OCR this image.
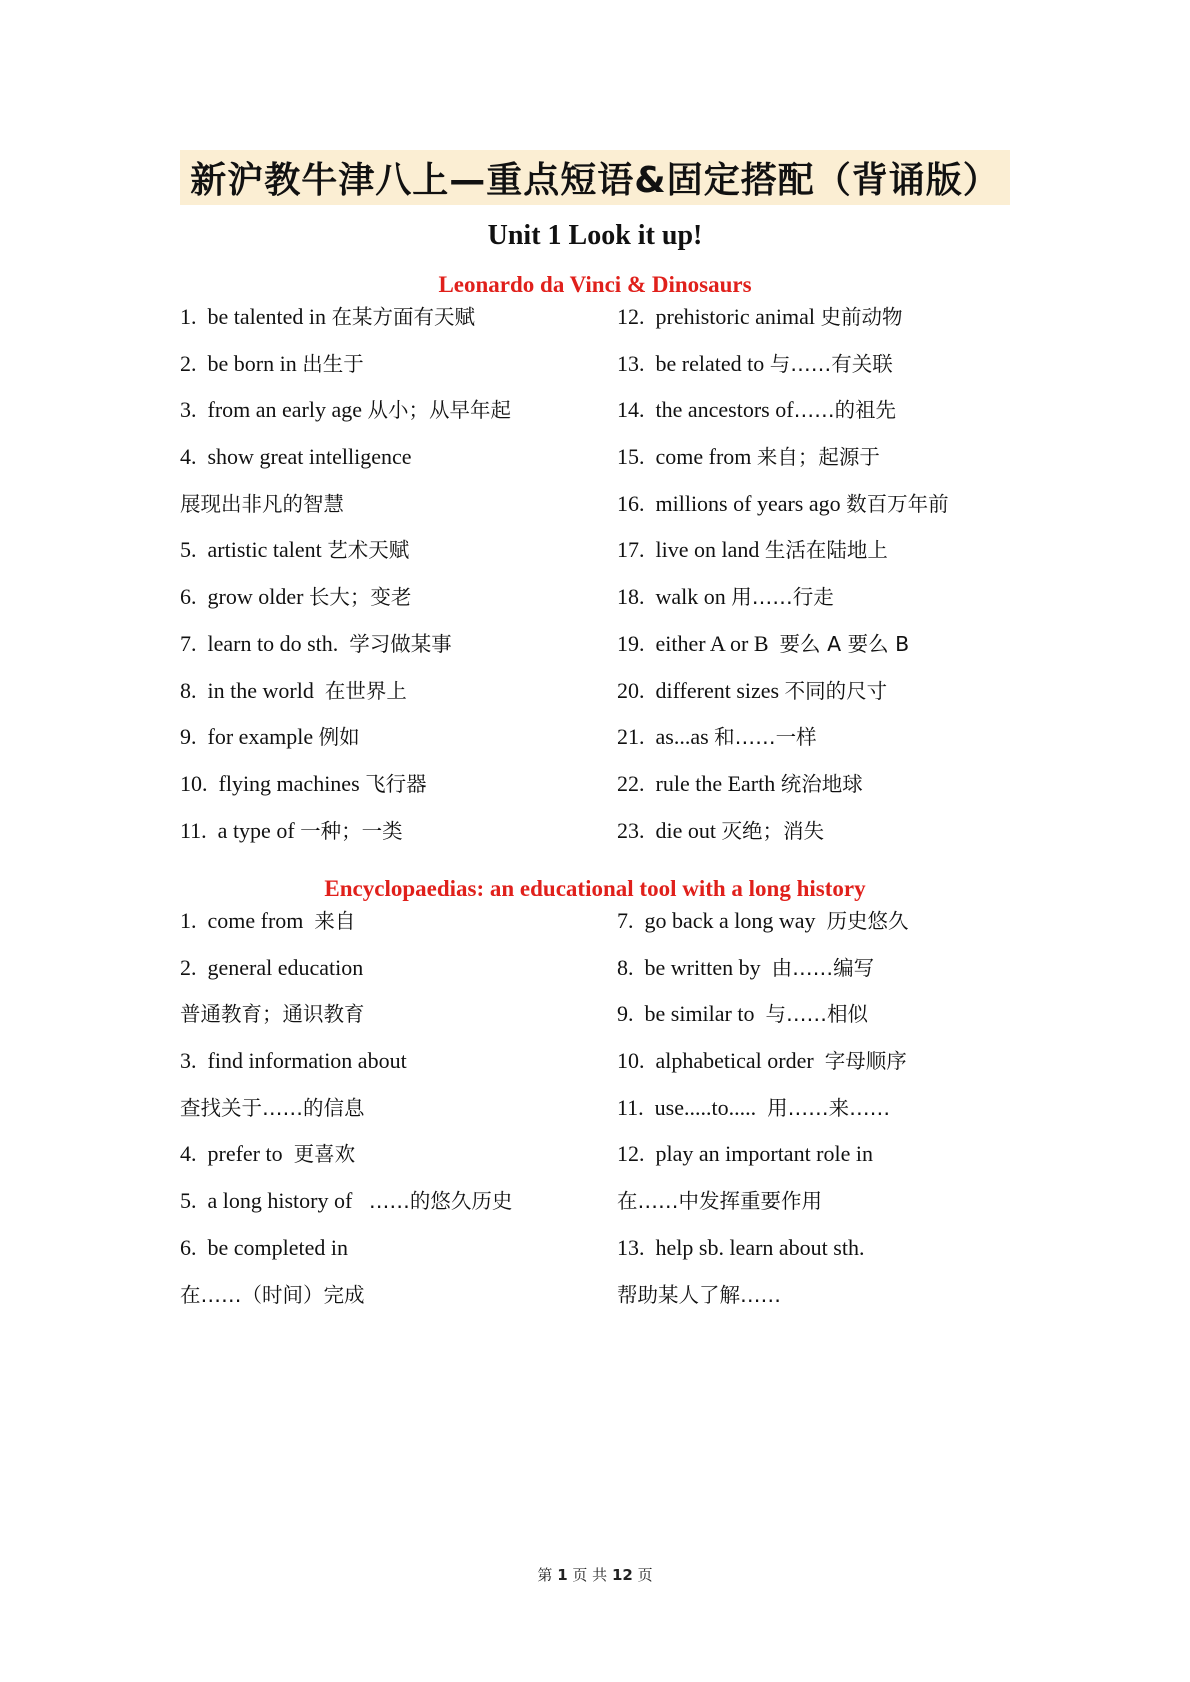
新沪教牛津八上—重点短语&固定搭配（背诵版）
Unit 1 Look it up!
Leonardo da Vinci & Dinosaurs
1.  be talented in 在某方面有天赋
2.  be born in 出生于
3.  from an early age 从小；从早年起
4.  show great intelligence
展现出非凡的智慧
5.  artistic talent 艺术天赋
6.  grow older 长大；变老
7.  learn to do sth.  学习做某事
8.  in the world  在世界上
9.  for example 例如
10.  flying machines 飞行器
11.  a type of 一种；一类
12.  prehistoric animal 史前动物
13.  be related to 与……有关联
14.  the ancestors of……的祖先
15.  come from 来自；起源于
16.  millions of years ago 数百万年前
17.  live on land 生活在陆地上
18.  walk on 用……行走
19.  either A or B  要么 A 要么 B
20.  different sizes 不同的尺寸
21.  as...as 和……一样
22.  rule the Earth 统治地球
23.  die out 灭绝；消失
Encyclopaedias: an educational tool with a long history
1.  come from  来自
2.  general education
普通教育；通识教育
3.  find information about
查找关于……的信息
4.  prefer to  更喜欢
5.  a long history of   ……的悠久历史
6.  be completed in
在……（时间）完成
7.  go back a long way  历史悠久
8.  be written by  由……编写
9.  be similar to  与……相似
10.  alphabetical order  字母顺序
11.  use.....to.....  用……来……
12.  play an important role in
在……中发挥重要作用
13.  help sb. learn about sth.
帮助某人了解……
第 1 页 共 12 页
